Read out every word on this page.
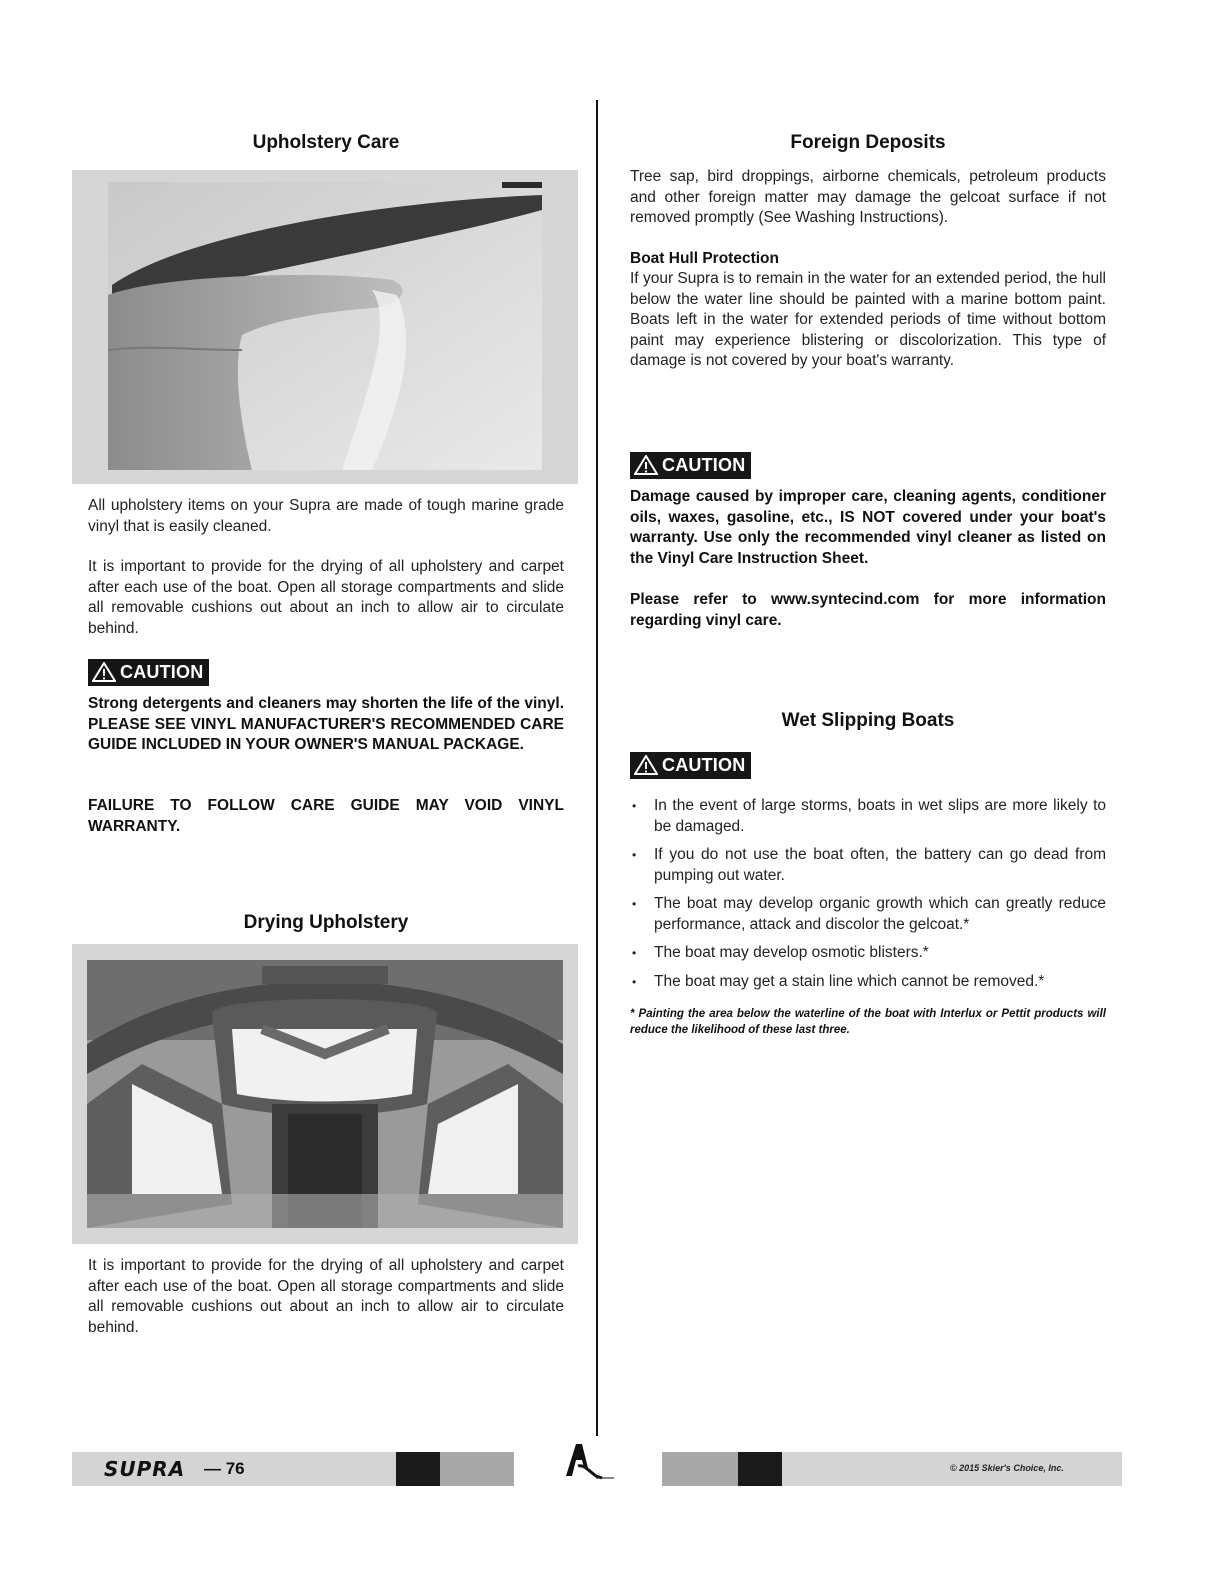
Upholstery Care

All upholstery items on your Supra are made of tough marine grade vinyl that is easily cleaned.

It is important to provide for the drying of all upholstery and carpet after each use of the boat. Open all storage compartments and slide all removable cushions out about an inch to allow air to circulate behind.

CAUTION

Strong detergents and cleaners may shorten the life of the vinyl. PLEASE SEE VINYL MANUFACTURER'S RECOMMENDED CARE GUIDE INCLUDED IN YOUR OWNER'S MANUAL PACKAGE.

FAILURE TO FOLLOW CARE GUIDE MAY VOID VINYL WARRANTY.

Drying Upholstery

It is important to provide for the drying of all upholstery and carpet after each use of the boat. Open all storage compartments and slide all removable cushions out about an inch to allow air to circulate behind.

Foreign Deposits

Tree sap, bird droppings, airborne chemicals, petroleum products and other foreign matter may damage the gelcoat surface if not removed promptly (See Washing Instructions).

Boat Hull Protection

If your Supra is to remain in the water for an extended period, the hull below the water line should be painted with a marine bottom paint. Boats left in the water for extended periods of time without bottom paint may experience blistering or discolorization. This type of damage is not covered by your boat's warranty.

CAUTION

Damage caused by improper care, cleaning agents, conditioner oils, waxes, gasoline, etc., IS NOT covered under your boat's warranty. Use only the recommended vinyl cleaner as listed on the Vinyl Care Instruction Sheet.

Please refer to www.syntecind.com for more information regarding vinyl care.

Wet Slipping Boats
CAUTION
• In the event of large storms, boats in wet slips are more likely to be damaged.
• If you do not use the boat often, the battery can go dead from pumping out water.
• The boat may develop organic growth which can greatly reduce performance, attack and discolor the gelcoat.*
• The boat may develop osmotic blisters.*
• The boat may get a stain line which cannot be removed.*

* Painting the area below the waterline of the boat with Interlux or Pettit products will reduce the likelihood of these last three.

SUPRA — 76	© 2015 Skier's Choice, Inc.
